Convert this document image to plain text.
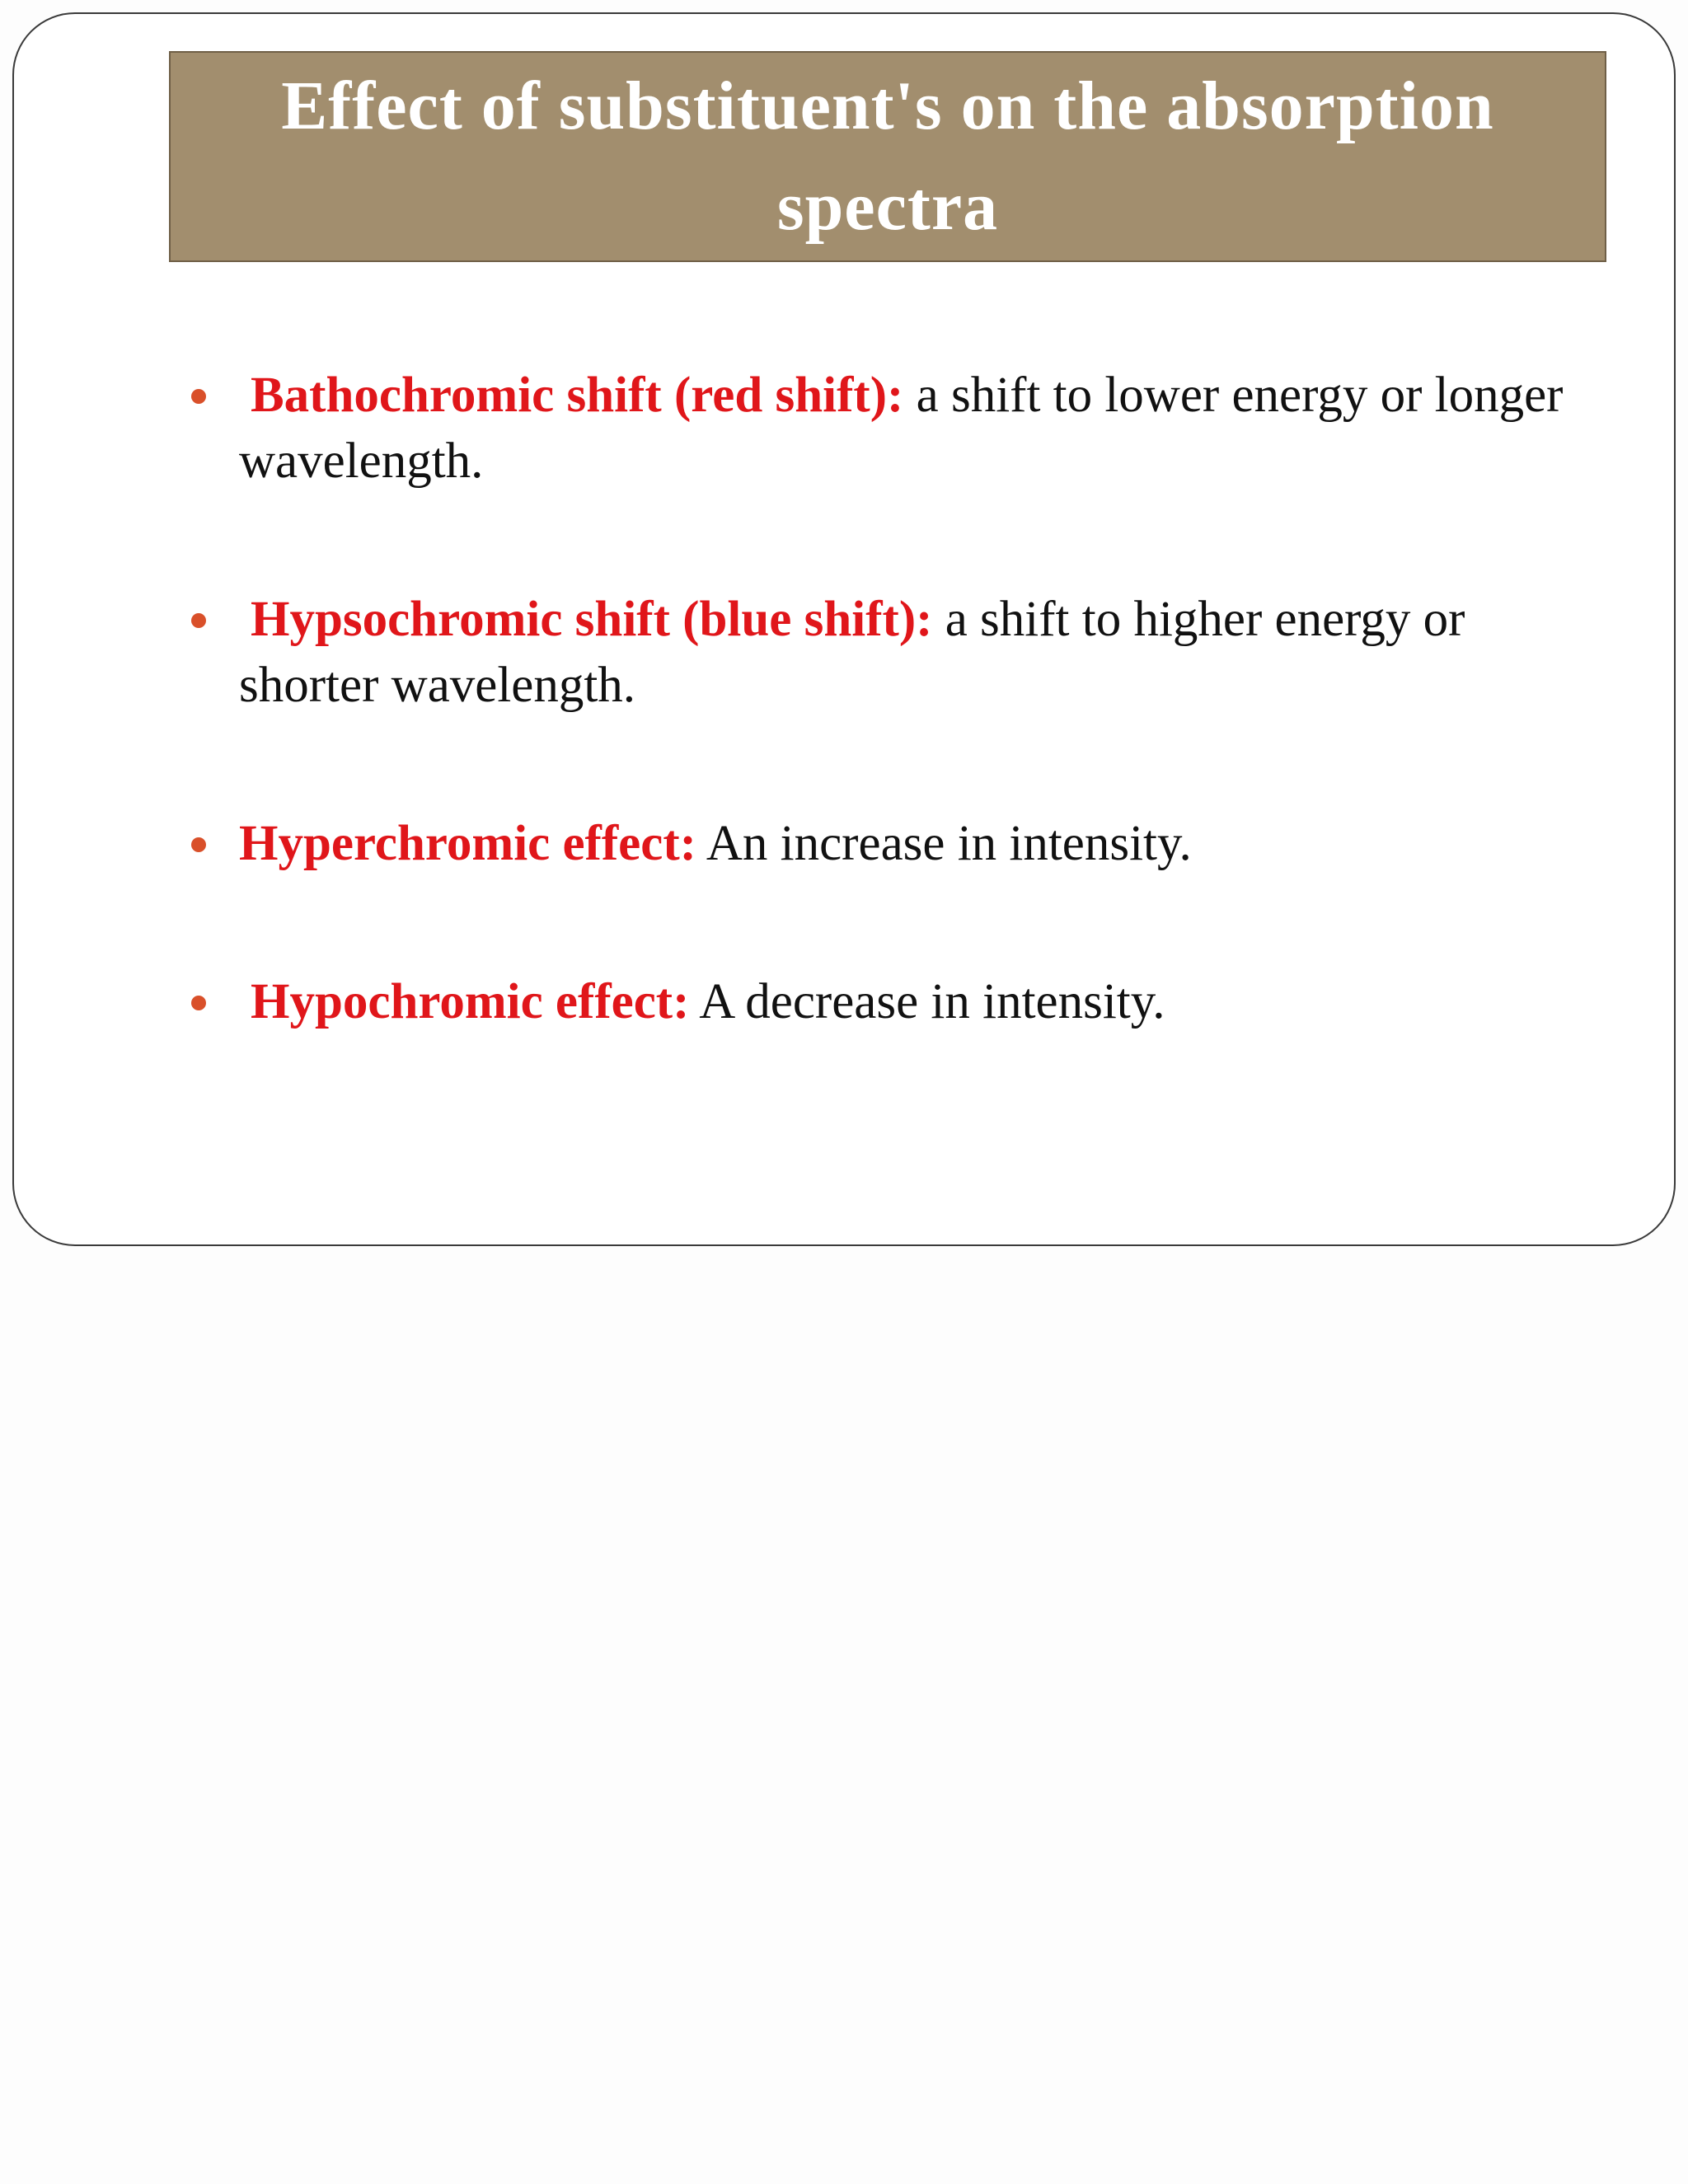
Effect of substituent's on the absorption spectra
Bathochromic shift (red shift): a shift to lower energy or longer wavelength.
Hypsochromic shift (blue shift): a shift to higher energy or shorter wavelength.
Hyperchromic effect: An increase in intensity.
Hypochromic effect: A decrease in intensity.
